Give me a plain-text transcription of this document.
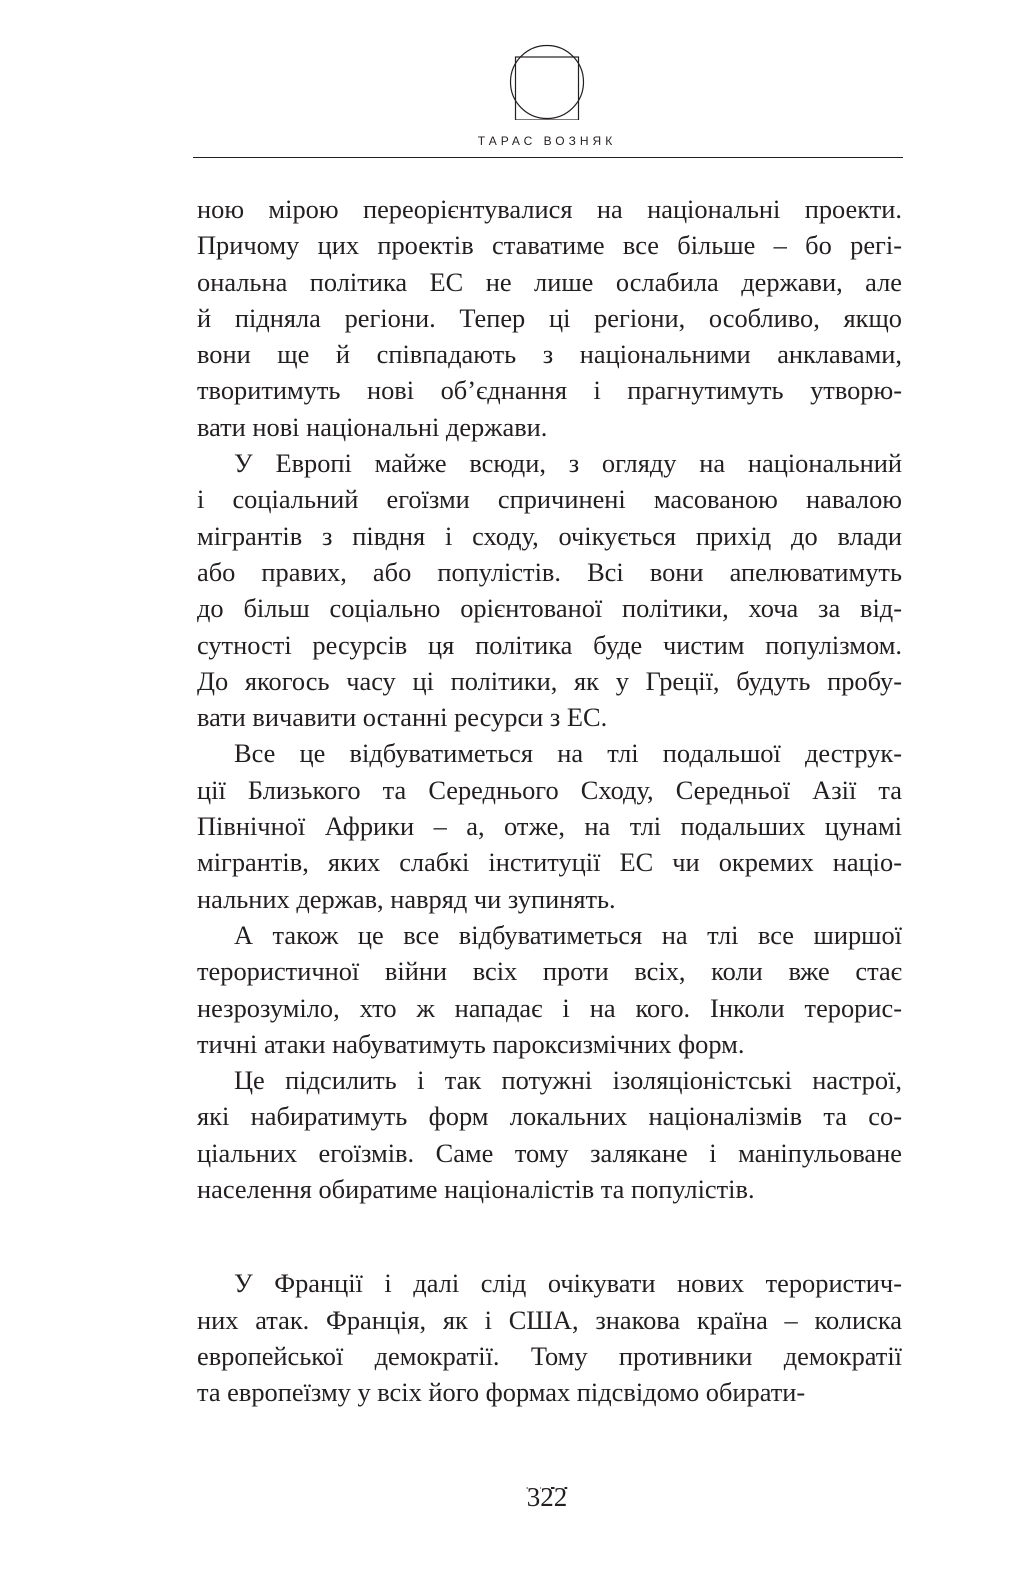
ТАРАС ВОЗНЯК
ною мірою переорієнтувалися на національні проекти.
Причому цих проектів ставатиме все більше – бо регі-
ональна політика ЕС не лише ослабила держави, але
й підняла регіони. Тепер ці регіони, особливо, якщо
вони ще й співпадають з національними анклавами,
творитимуть нові об’єднання і прагнутимуть утворю-
вати нові національні держави.
У Европі майже всюди, з огляду на національний
і соціальний егоїзми спричинені масованою навалою
мігрантів з півдня і сходу, очікується прихід до влади
або правих, або популістів. Всі вони апелюватимуть
до більш соціально орієнтованої політики, хоча за від-
сутності ресурсів ця політика буде чистим популізмом.
До якогось часу ці політики, як у Греції, будуть пробу-
вати вичавити останні ресурси з ЕС.
Все це відбуватиметься на тлі подальшої деструк-
ції Близького та Середнього Сходу, Середньої Азії та
Північної Африки – а, отже, на тлі подальших цунамі
мігрантів, яких слабкі інституції ЕС чи окремих націо-
нальних держав, навряд чи зупинять.
А також це все відбуватиметься на тлі все ширшої
терористичної війни всіх проти всіх, коли вже стає
незрозуміло, хто ж нападає і на кого. Інколи терорис-
тичні атаки набуватимуть пароксизмічних форм.
Це підсилить і так потужні ізоляціоністські настрої,
які набиратимуть форм локальних націоналізмів та со-
ціальних егоїзмів. Саме тому залякане і маніпульоване
населення обиратиме націоналістів та популістів.
У Франції і далі слід очікувати нових терористич-
них атак. Франція, як і США, знакова країна – колиска
европейської демократії. Тому противники демократії
та европеїзму у всіх його формах підсвідомо обирати-
322
